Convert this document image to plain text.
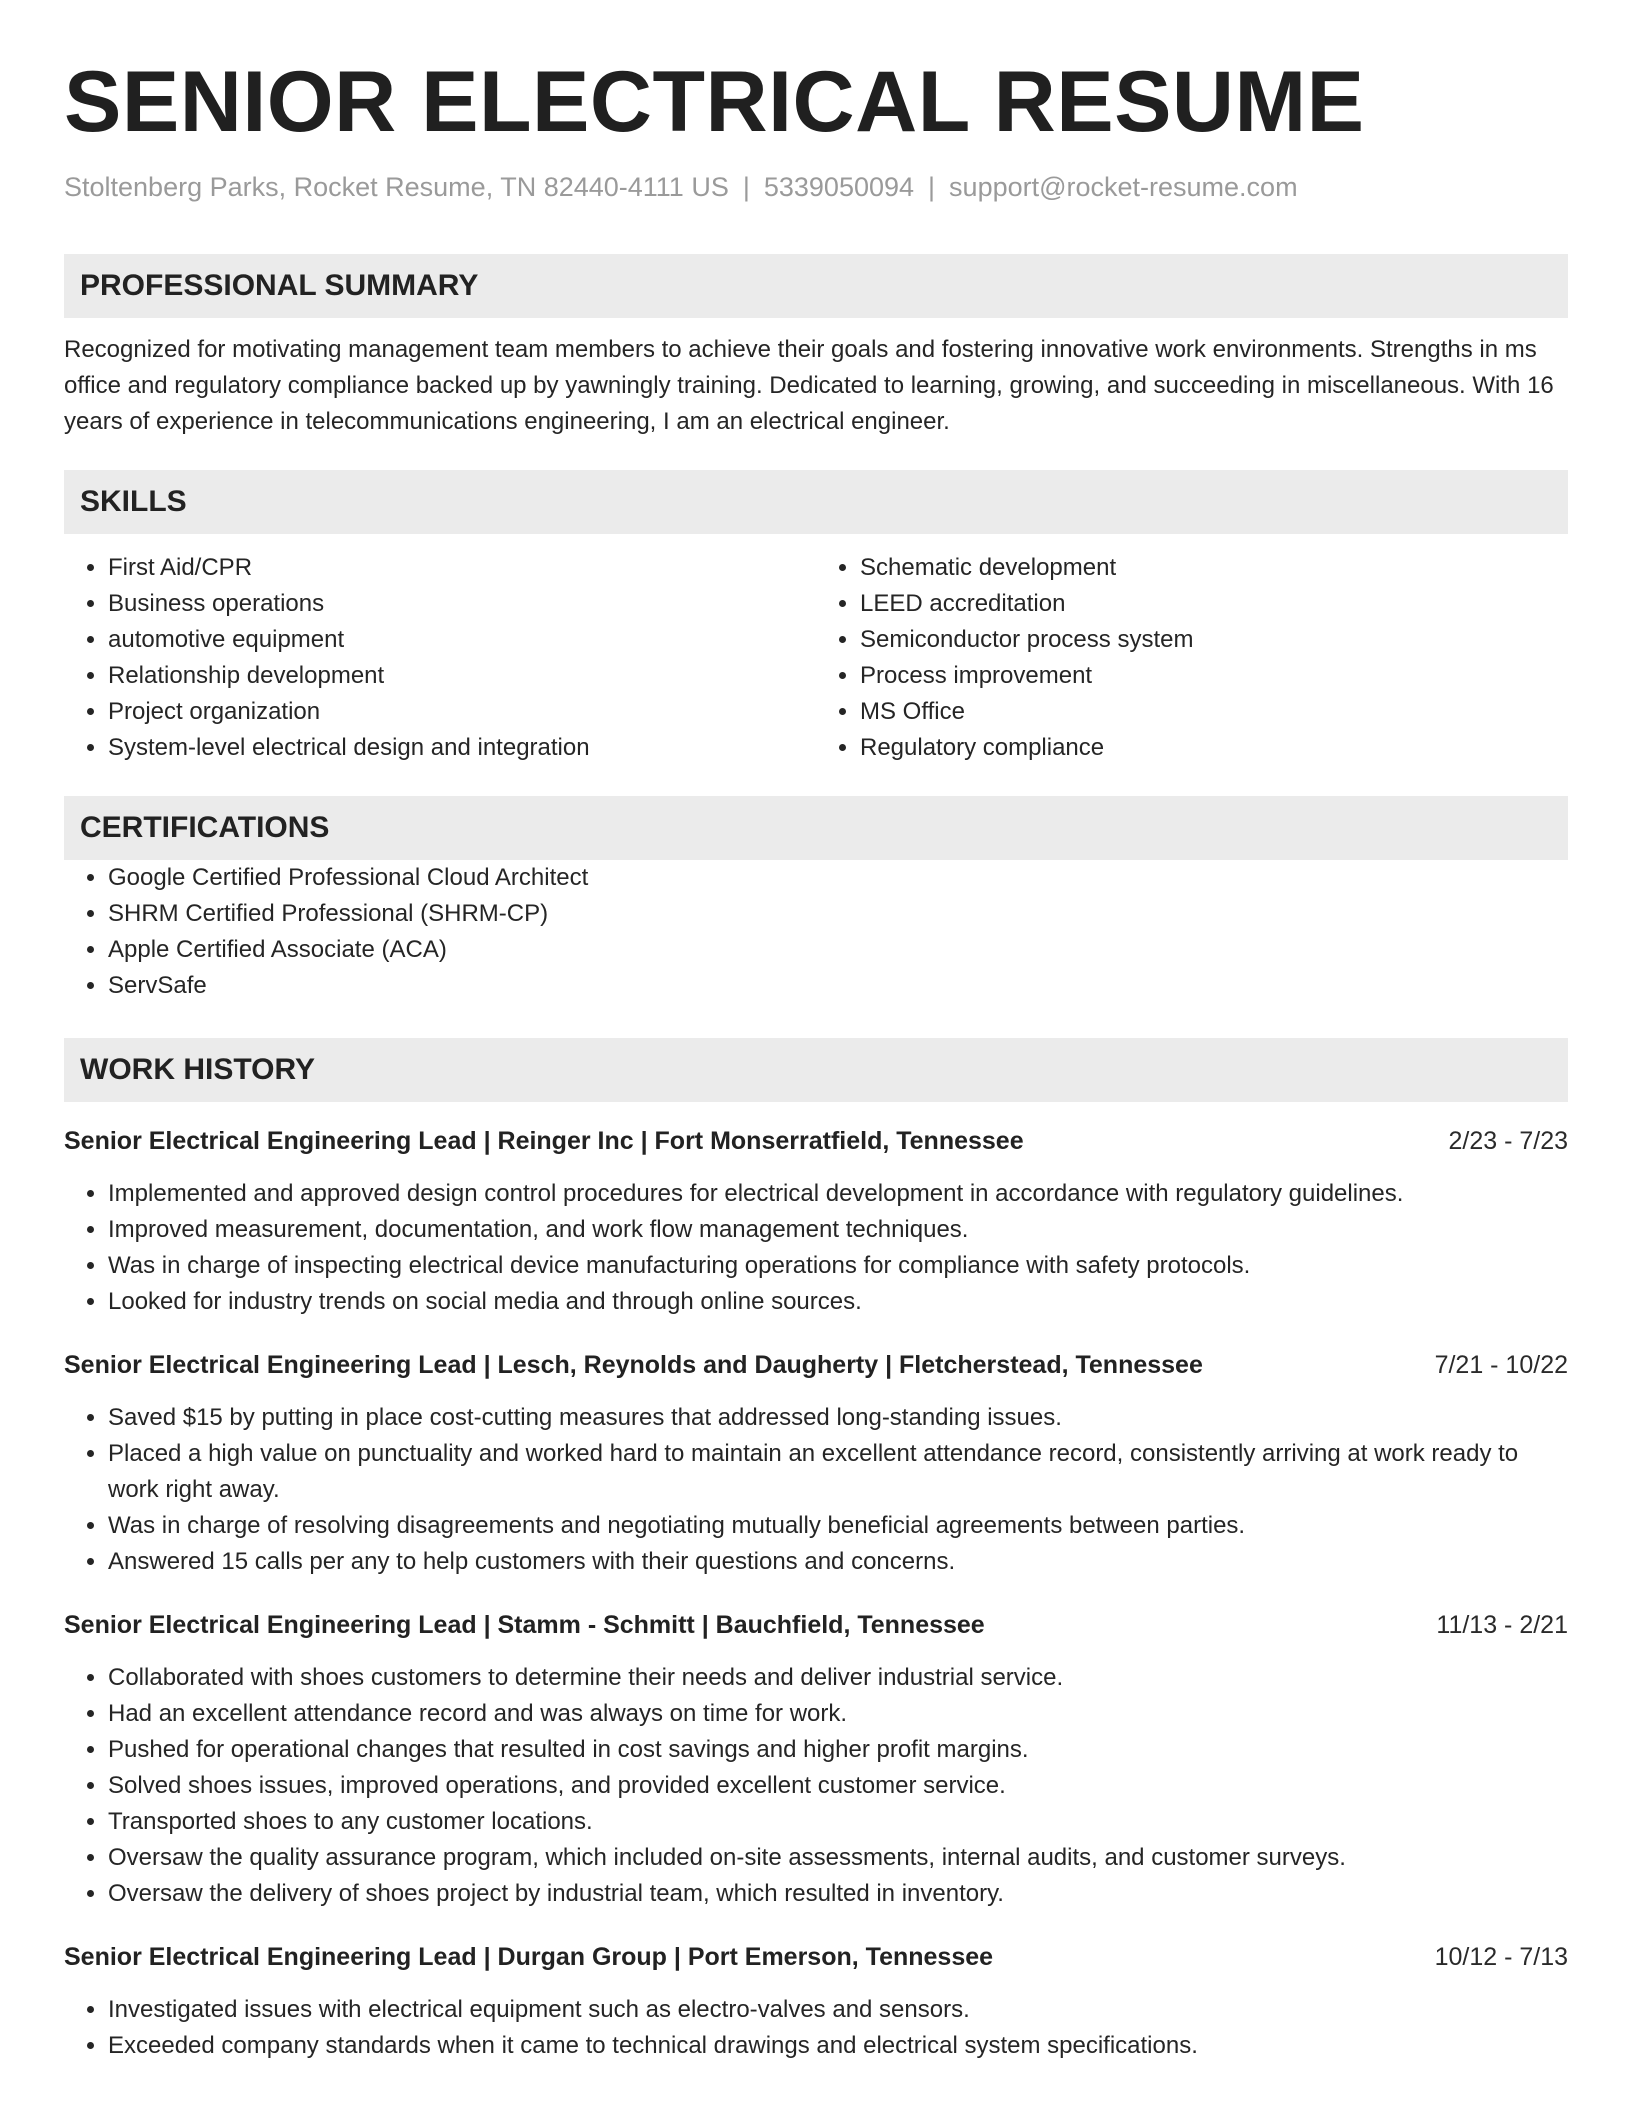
SENIOR ELECTRICAL RESUME
Stoltenberg Parks, Rocket Resume, TN 82440-4111 US | 5339050094 | support@rocket-resume.com
PROFESSIONAL SUMMARY
Recognized for motivating management team members to achieve their goals and fostering innovative work environments. Strengths in ms office and regulatory compliance backed up by yawningly training. Dedicated to learning, growing, and succeeding in miscellaneous. With 16 years of experience in telecommunications engineering, I am an electrical engineer.
SKILLS
• First Aid/CPR
• Business operations
• automotive equipment
• Relationship development
• Project organization
• System-level electrical design and integration
• Schematic development
• LEED accreditation
• Semiconductor process system
• Process improvement
• MS Office
• Regulatory compliance
CERTIFICATIONS
• Google Certified Professional Cloud Architect
• SHRM Certified Professional (SHRM-CP)
• Apple Certified Associate (ACA)
• ServSafe
WORK HISTORY
Senior Electrical Engineering Lead | Reinger Inc | Fort Monserratfield, Tennessee	2/23 - 7/23
• Implemented and approved design control procedures for electrical development in accordance with regulatory guidelines.
• Improved measurement, documentation, and work flow management techniques.
• Was in charge of inspecting electrical device manufacturing operations for compliance with safety protocols.
• Looked for industry trends on social media and through online sources.
Senior Electrical Engineering Lead | Lesch, Reynolds and Daugherty | Fletcherstead, Tennessee	7/21 - 10/22
• Saved $15 by putting in place cost-cutting measures that addressed long-standing issues.
• Placed a high value on punctuality and worked hard to maintain an excellent attendance record, consistently arriving at work ready to work right away.
• Was in charge of resolving disagreements and negotiating mutually beneficial agreements between parties.
• Answered 15 calls per any to help customers with their questions and concerns.
Senior Electrical Engineering Lead | Stamm - Schmitt | Bauchfield, Tennessee	11/13 - 2/21
• Collaborated with shoes customers to determine their needs and deliver industrial service.
• Had an excellent attendance record and was always on time for work.
• Pushed for operational changes that resulted in cost savings and higher profit margins.
• Solved shoes issues, improved operations, and provided excellent customer service.
• Transported shoes to any customer locations.
• Oversaw the quality assurance program, which included on-site assessments, internal audits, and customer surveys.
• Oversaw the delivery of shoes project by industrial team, which resulted in inventory.
Senior Electrical Engineering Lead | Durgan Group | Port Emerson, Tennessee	10/12 - 7/13
• Investigated issues with electrical equipment such as electro-valves and sensors.
• Exceeded company standards when it came to technical drawings and electrical system specifications.
